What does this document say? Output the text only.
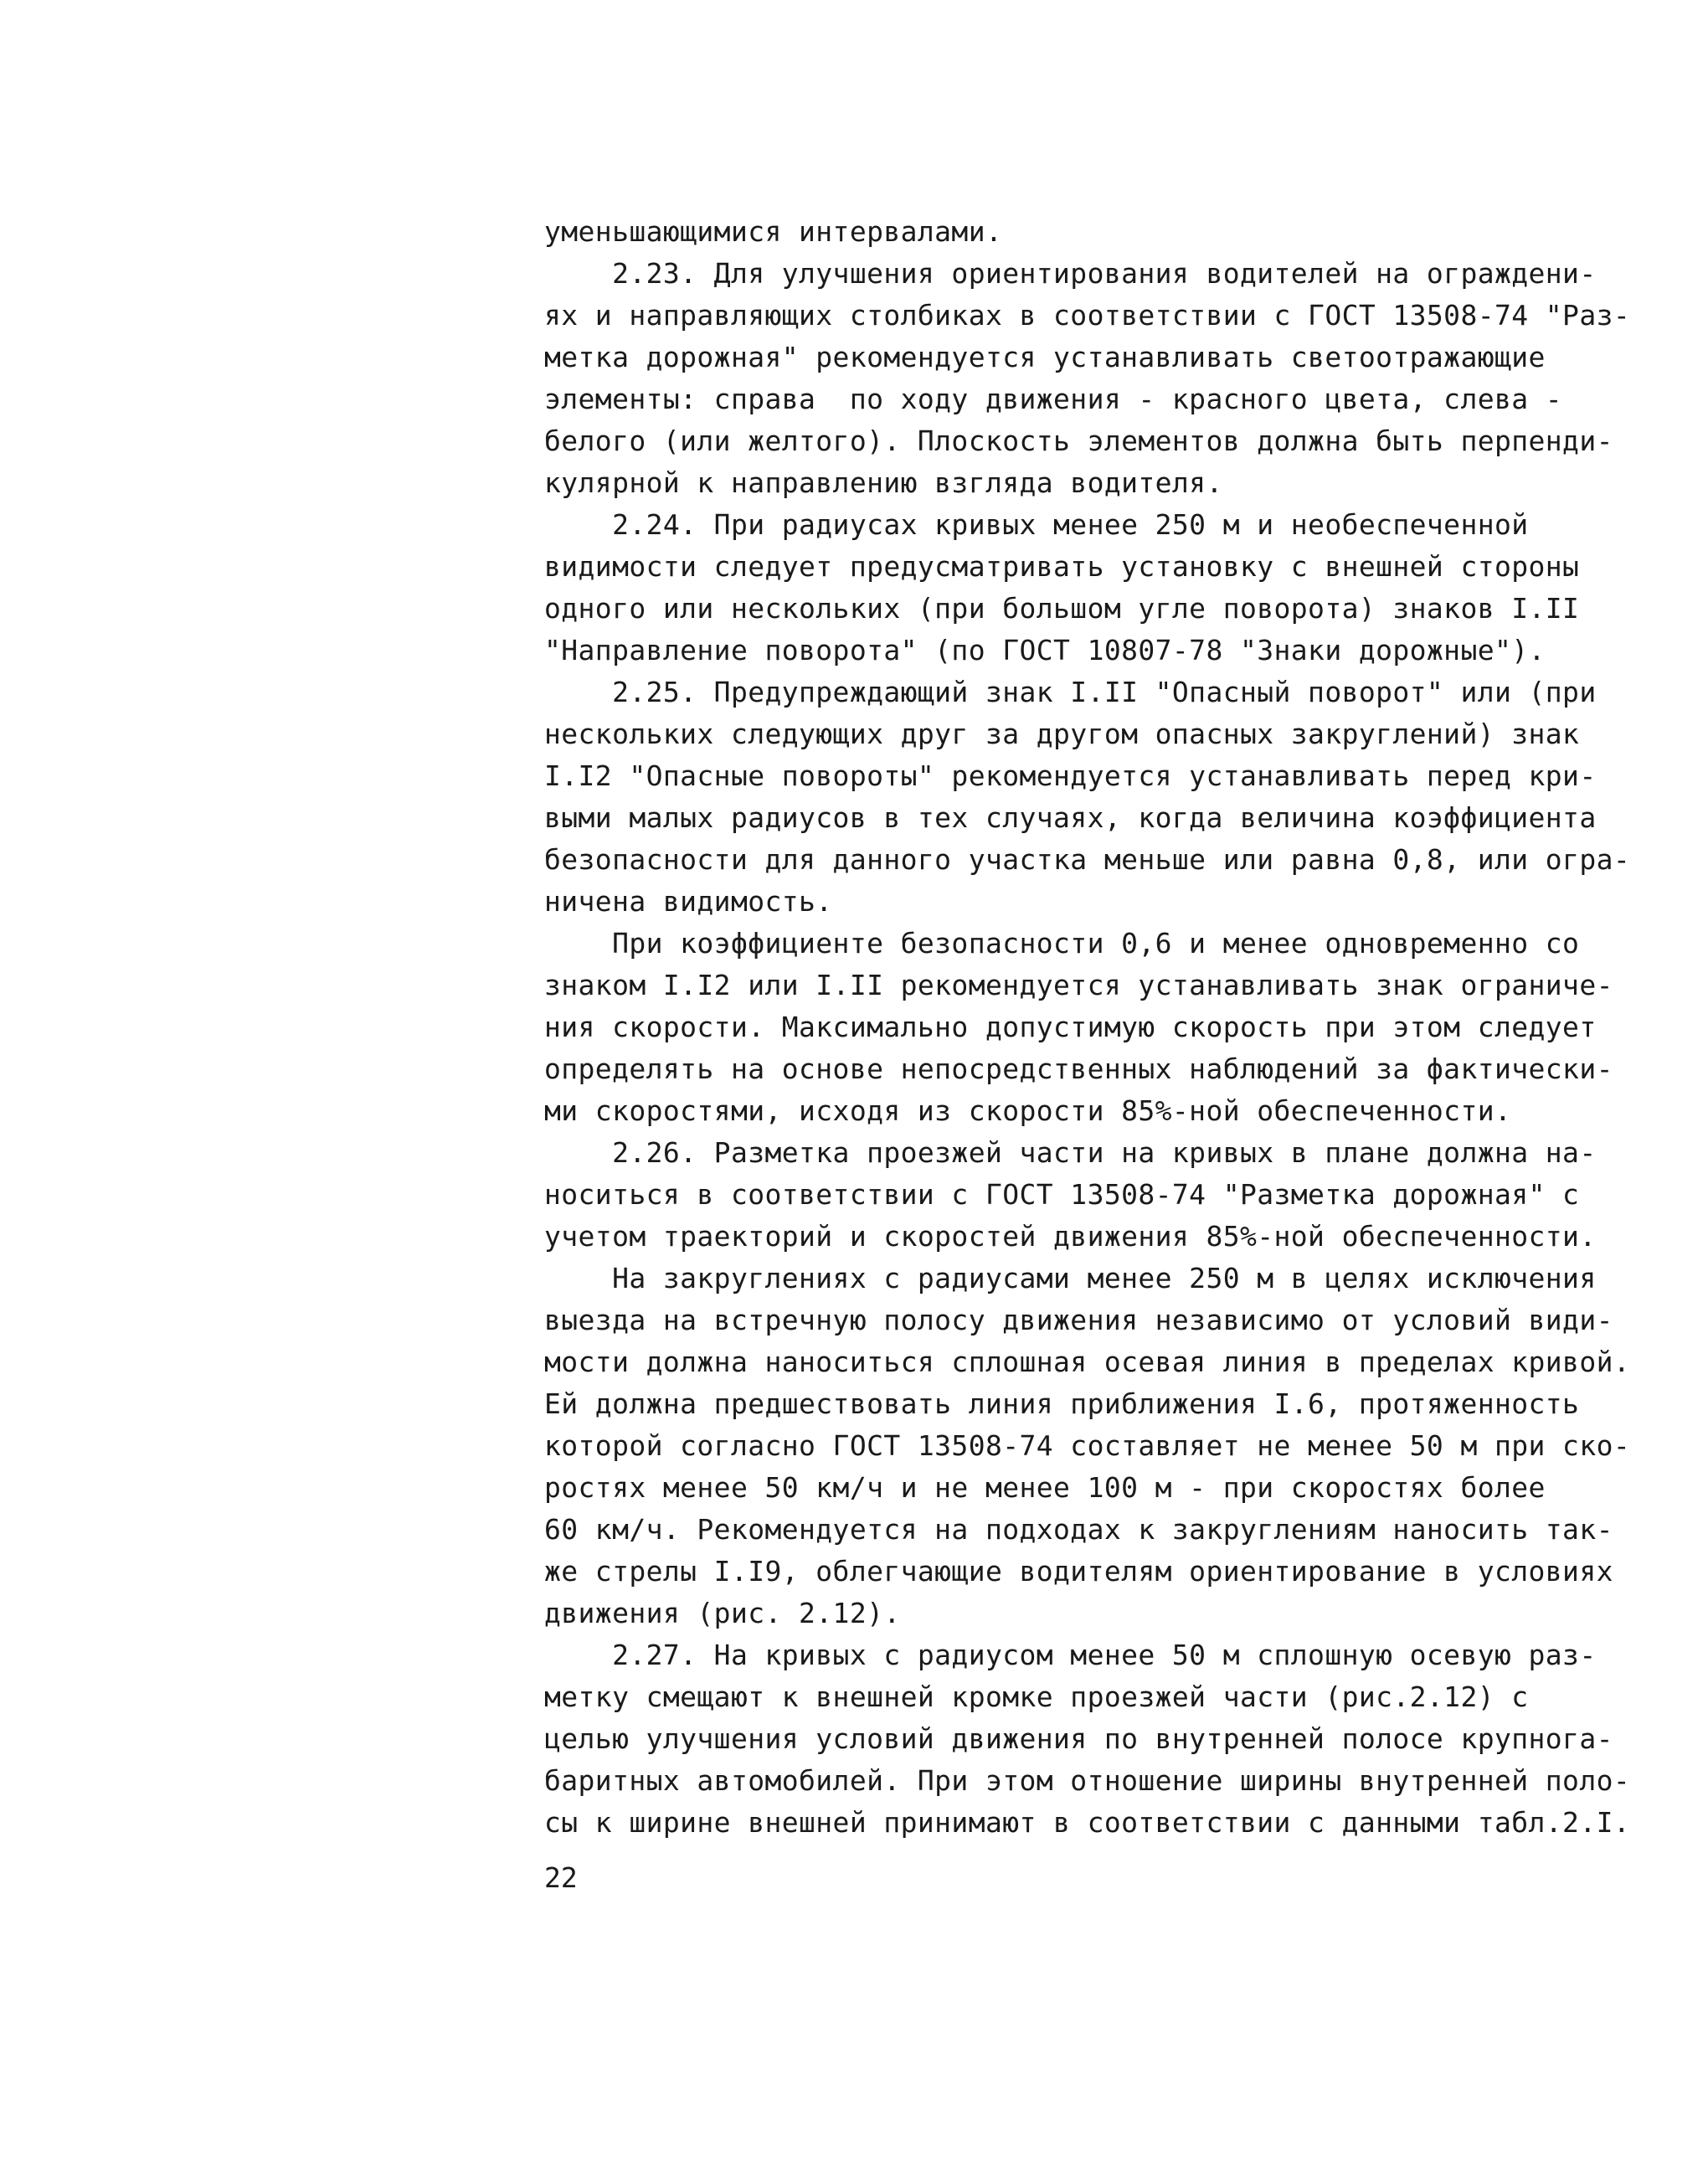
уменьшающимися интервалами.
2.23. Для улучшения ориентирования водителей на ограждени-
ях и направляющих столбиках в соответствии с ГОСТ 13508-74 "Раз-
метка дорожная" рекомендуется устанавливать светоотражающие
элементы: справа  по ходу движения - красного цвета, слева -
белого (или желтого). Плоскость элементов должна быть перпенди-
кулярной к направлению взгляда водителя.
2.24. При радиусах кривых менее 250 м и необеспеченной
видимости следует предусматривать установку с внешней стороны
одного или нескольких (при большом угле поворота) знаков I.II
"Направление поворота" (по ГОСТ 10807-78 "Знаки дорожные").
2.25. Предупреждающий знак I.II "Опасный поворот" или (при
нескольких следующих друг за другом опасных закруглений) знак
I.I2 "Опасные повороты" рекомендуется устанавливать перед кри-
выми малых радиусов в тех случаях, когда величина коэффициента
безопасности для данного участка меньше или равна 0,8, или огра-
ничена видимость.
При коэффициенте безопасности 0,6 и менее одновременно со
знаком I.I2 или I.II рекомендуется устанавливать знак ограниче-
ния скорости. Максимально допустимую скорость при этом следует
определять на основе непосредственных наблюдений за фактически-
ми скоростями, исходя из скорости 85%-ной обеспеченности.
2.26. Разметка проезжей части на кривых в плане должна на-
носиться в соответствии с ГОСТ 13508-74 "Разметка дорожная" с
учетом траекторий и скоростей движения 85%-ной обеспеченности.
На закруглениях с радиусами менее 250 м в целях исключения
выезда на встречную полосу движения независимо от условий види-
мости должна наноситься сплошная осевая линия в пределах кривой.
Ей должна предшествовать линия приближения I.6, протяженность
которой согласно ГОСТ 13508-74 составляет не менее 50 м при ско-
ростях менее 50 км/ч и не менее 100 м - при скоростях более
60 км/ч. Рекомендуется на подходах к закруглениям наносить так-
же стрелы I.I9, облегчающие водителям ориентирование в условиях
движения (рис. 2.12).
2.27. На кривых с радиусом менее 50 м сплошную осевую раз-
метку смещают к внешней кромке проезжей части (рис.2.12) с
целью улучшения условий движения по внутренней полосе крупнога-
баритных автомобилей. При этом отношение ширины внутренней поло-
сы к ширине внешней принимают в соответствии с данными табл.2.I.
22
